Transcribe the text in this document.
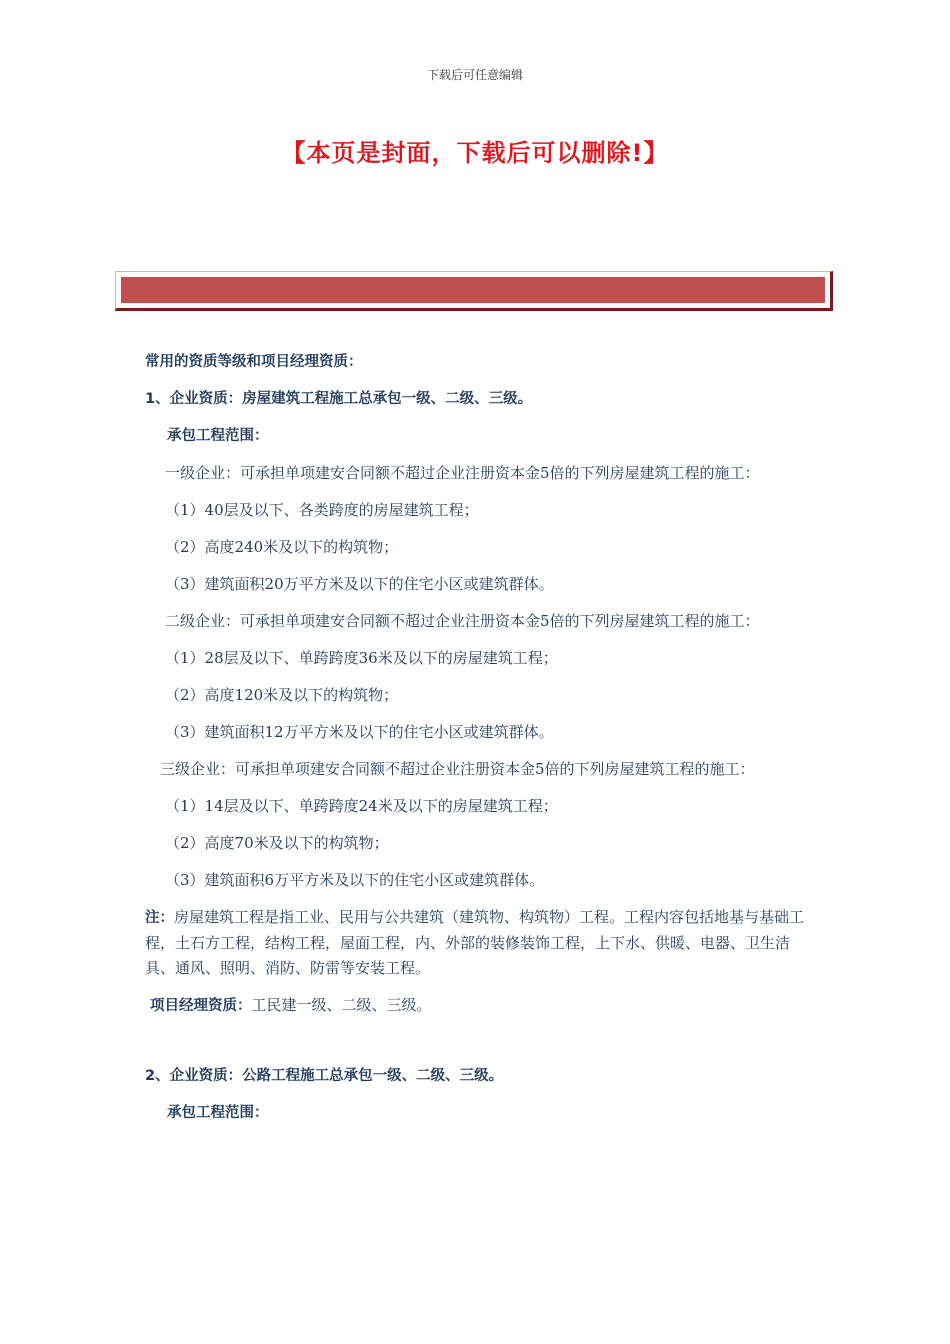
下载后可任意编辑
【本页是封面，下载后可以删除!】

常用的资质等级和项目经理资质：

1、企业资质：房屋建筑工程施工总承包一级、二级、三级。

承包工程范围：

一级企业：可承担单项建安合同额不超过企业注册资本金5倍的下列房屋建筑工程的施工：

（1）40层及以下、各类跨度的房屋建筑工程；

（2）高度240米及以下的构筑物；

（3）建筑面积20万平方米及以下的住宅小区或建筑群体。

二级企业：可承担单项建安合同额不超过企业注册资本金5倍的下列房屋建筑工程的施工：

（1）28层及以下、单跨跨度36米及以下的房屋建筑工程；

（2）高度120米及以下的构筑物；

（3）建筑面积12万平方米及以下的住宅小区或建筑群体。

三级企业：可承担单项建安合同额不超过企业注册资本金5倍的下列房屋建筑工程的施工：

（1）14层及以下、单跨跨度24米及以下的房屋建筑工程；

（2）高度70米及以下的构筑物；

（3）建筑面积6万平方米及以下的住宅小区或建筑群体。

注：房屋建筑工程是指工业、民用与公共建筑（建筑物、构筑物）工程。工程内容包括地基与基础工程，土石方工程，结构工程，屋面工程，内、外部的装修装饰工程，上下水、供暖、电器、卫生洁具、通风、照明、消防、防雷等安装工程。

项目经理资质：工民建一级、二级、三级。

2、企业资质：公路工程施工总承包一级、二级、三级。

承包工程范围：
